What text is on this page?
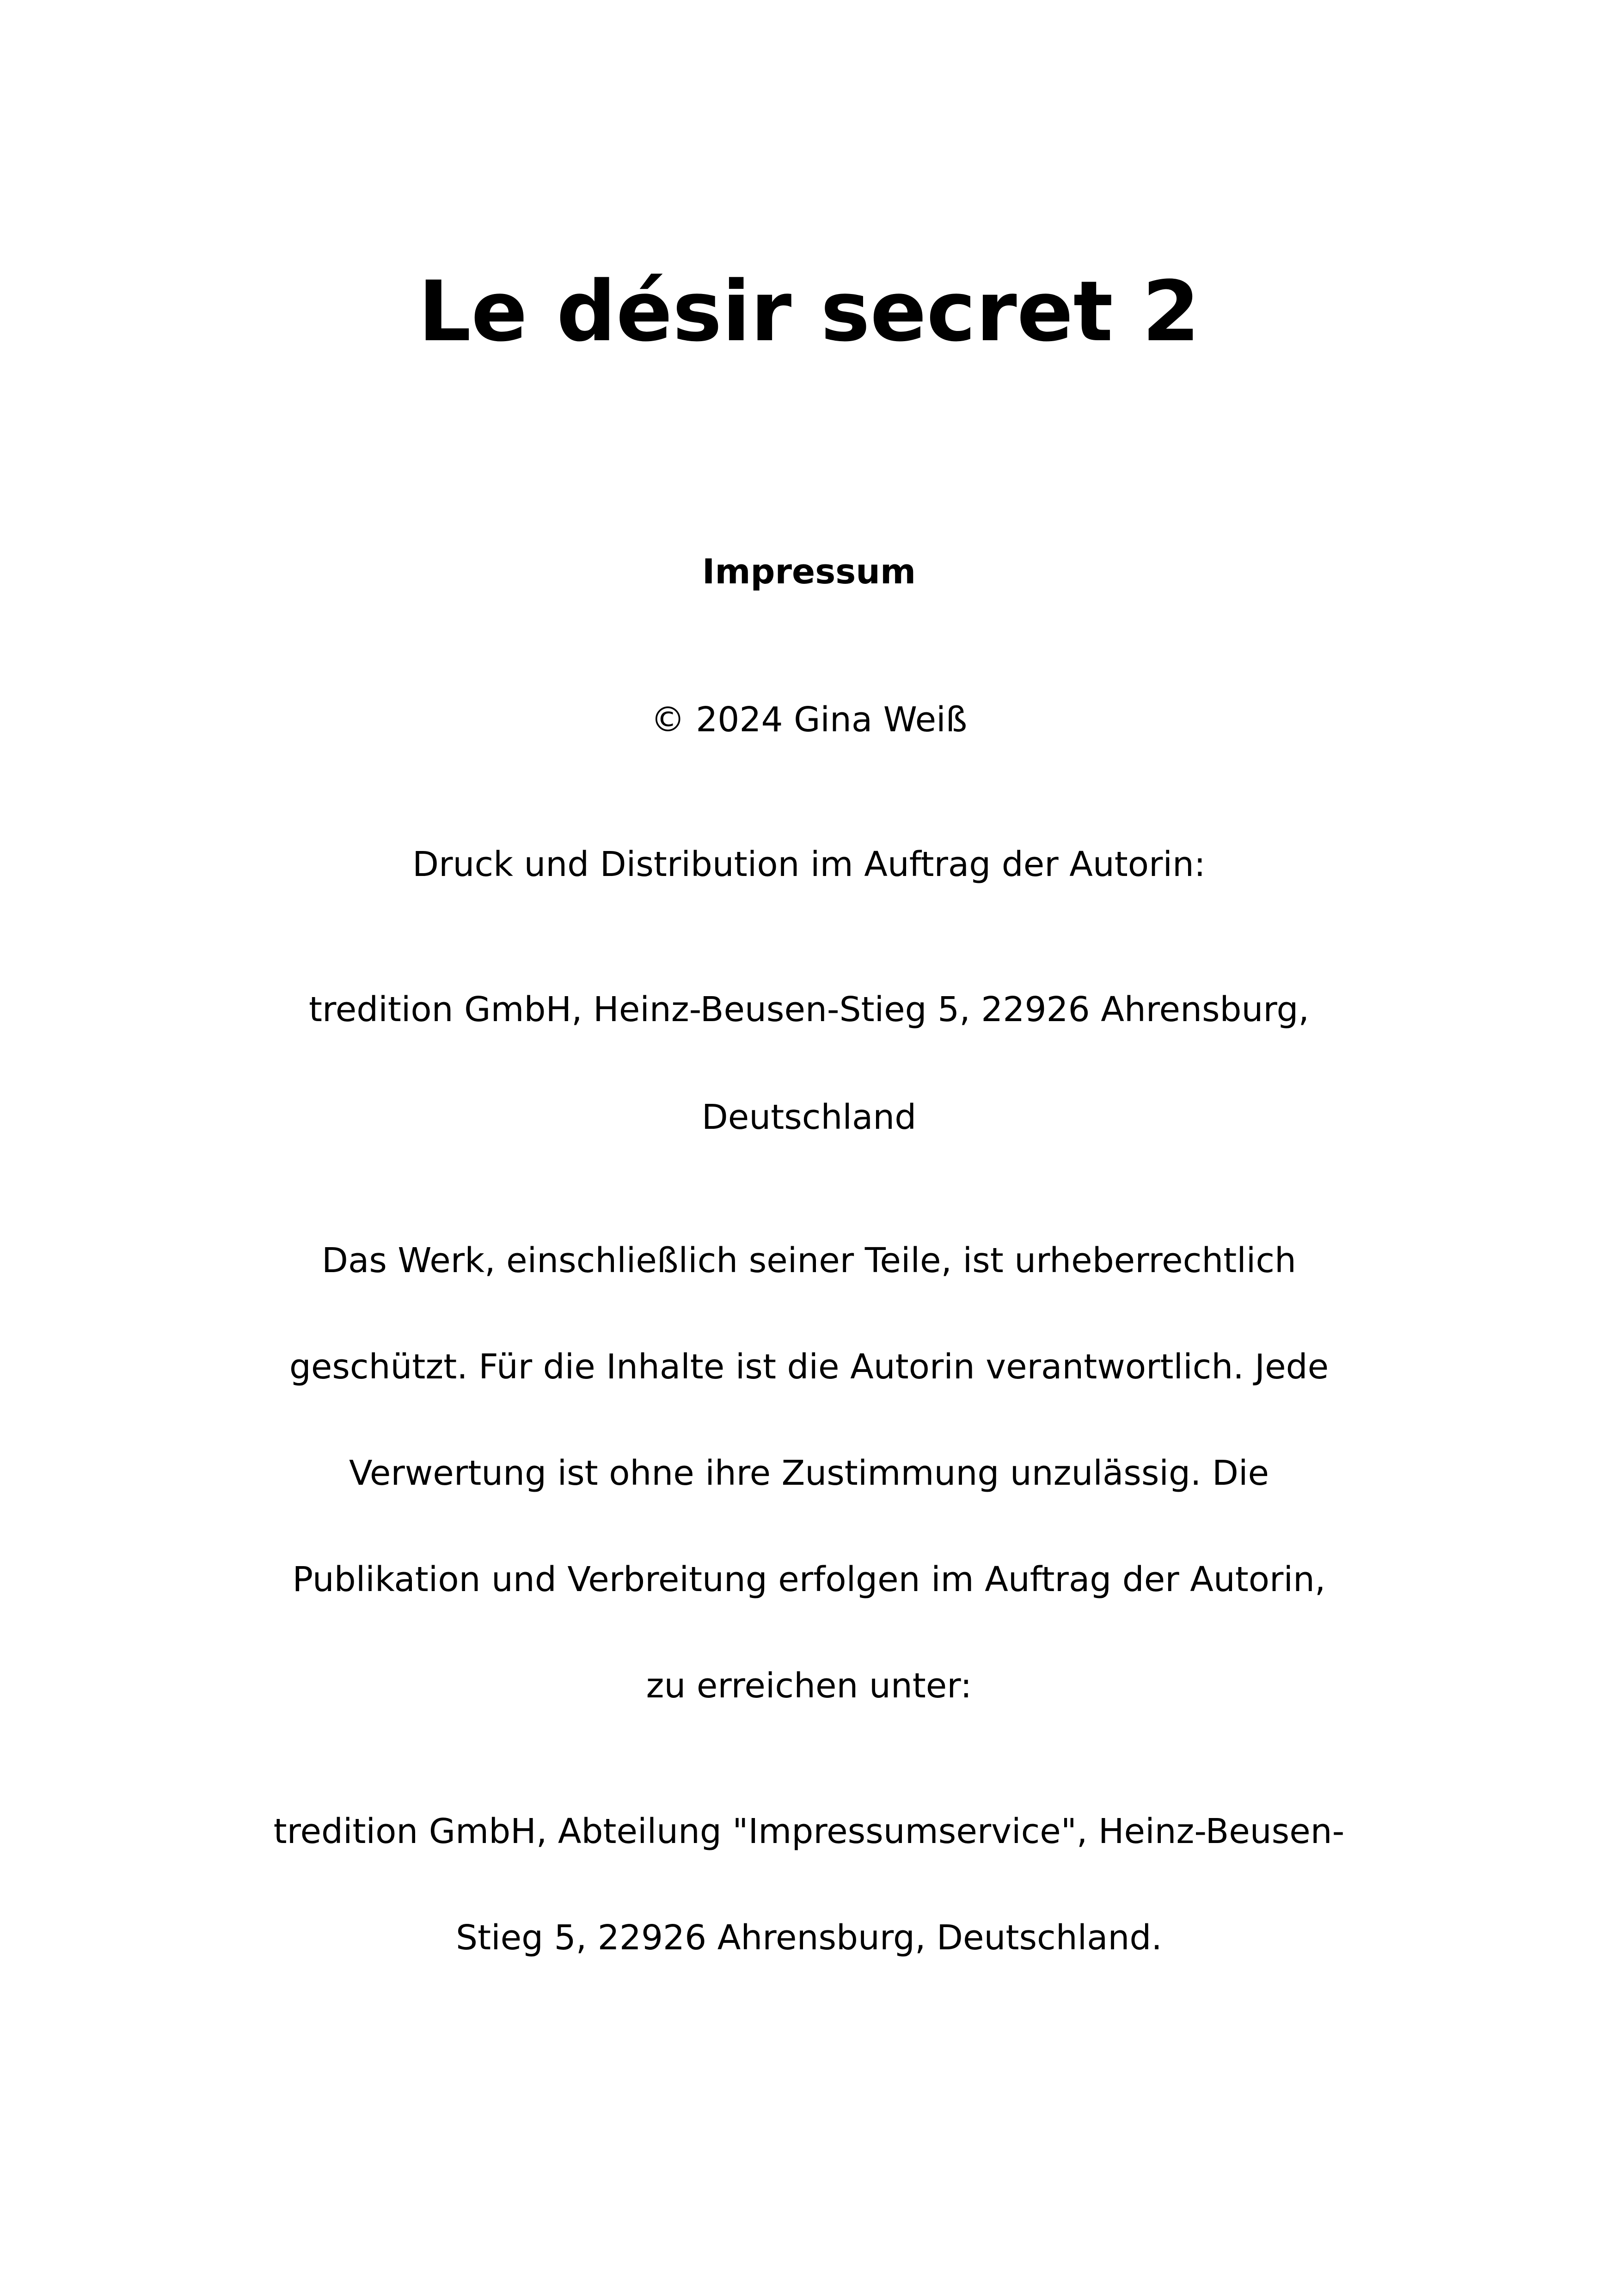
Le désir secret 2
Impressum
© 2024 Gina Weiß
Druck und Distribution im Auftrag der Autorin:
tredition GmbH, Heinz-Beusen-Stieg 5, 22926 Ahrensburg,
Deutschland
Das Werk, einschließlich seiner Teile, ist urheberrechtlich
geschützt. Für die Inhalte ist die Autorin verantwortlich. Jede
Verwertung ist ohne ihre Zustimmung unzulässig. Die
Publikation und Verbreitung erfolgen im Auftrag der Autorin,
zu erreichen unter:
tredition GmbH, Abteilung "Impressumservice", Heinz-Beusen-
Stieg 5, 22926 Ahrensburg, Deutschland.
